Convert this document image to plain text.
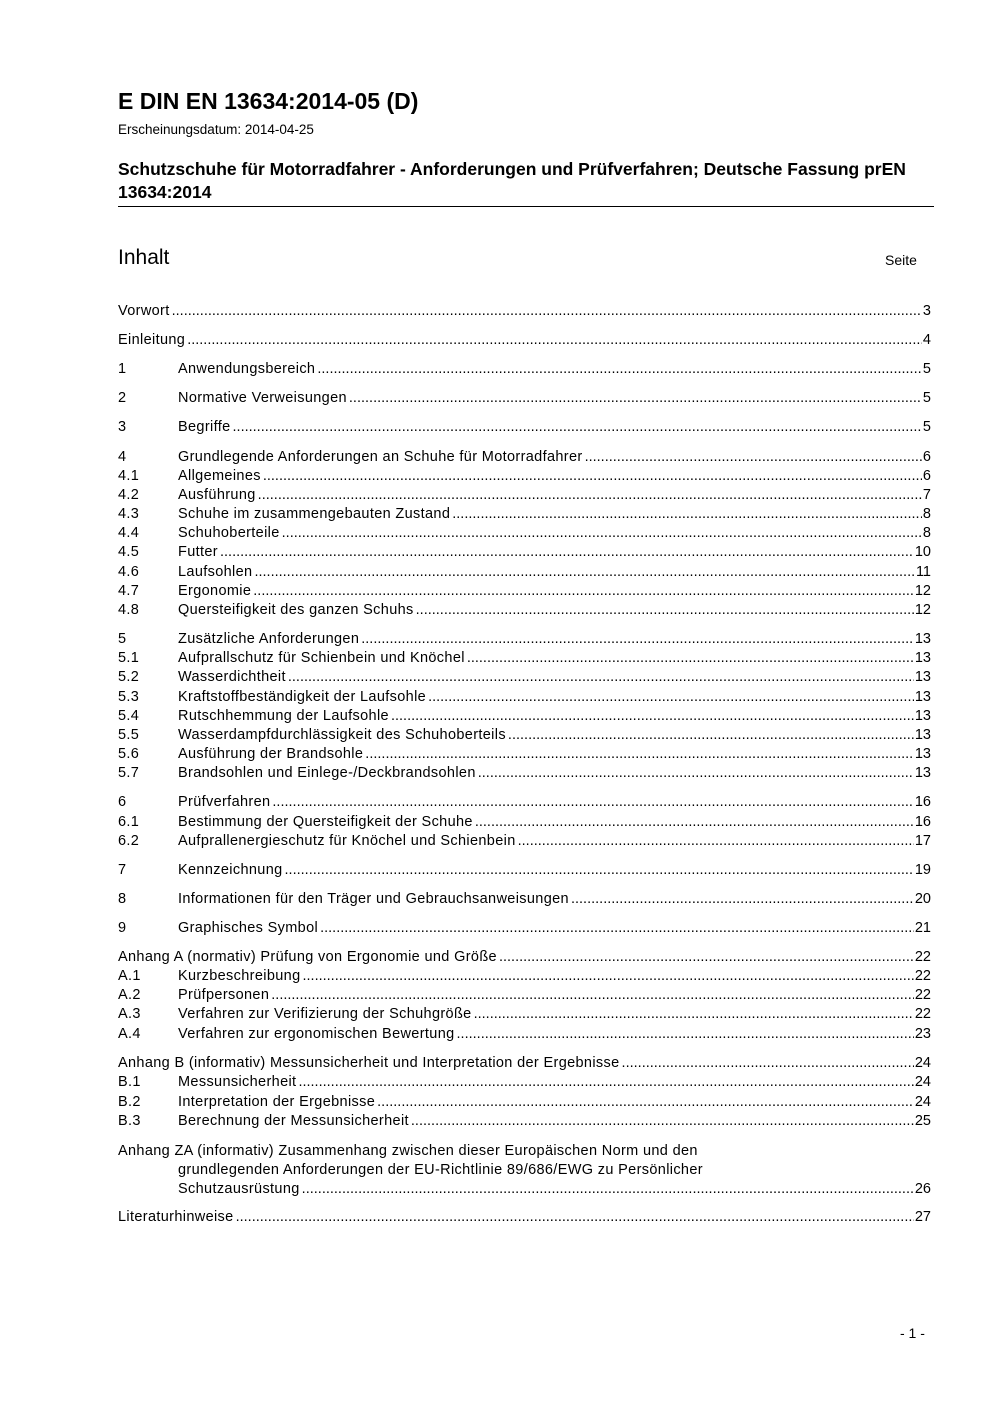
E DIN EN 13634:2014-05 (D)
Erscheinungsdatum: 2014-04-25
Schutzschuhe für Motorradfahrer - Anforderungen und Prüfverfahren; Deutsche Fassung prEN 13634:2014
Inhalt	Seite
Vorwort .....	3
Einleitung .....	4
1	Anwendungsbereich .....	5
2	Normative Verweisungen .....	5
3	Begriffe .....	5
4	Grundlegende Anforderungen an Schuhe für Motorradfahrer .....	6
4.1	Allgemeines .....	6
4.2	Ausführung .....	7
4.3	Schuhe im zusammengebauten Zustand .....	8
4.4	Schuhoberteile .....	8
4.5	Futter .....	10
4.6	Laufsohlen .....	11
4.7	Ergonomie .....	12
4.8	Quersteifigkeit des ganzen Schuhs .....	12
5	Zusätzliche Anforderungen .....	13
5.1	Aufprallschutz für Schienbein und Knöchel .....	13
5.2	Wasserdichtheit .....	13
5.3	Kraftstoffbeständigkeit der Laufsohle .....	13
5.4	Rutschhemmung der Laufsohle .....	13
5.5	Wasserdampfdurchlässigkeit des Schuhoberteils .....	13
5.6	Ausführung der Brandsohle .....	13
5.7	Brandsohlen und Einlege-/Deckbrandsohlen .....	13
6	Prüfverfahren .....	16
6.1	Bestimmung der Quersteifigkeit der Schuhe .....	16
6.2	Aufprallenergieschutz für Knöchel und Schienbein .....	17
7	Kennzeichnung .....	19
8	Informationen für den Träger und Gebrauchsanweisungen .....	20
9	Graphisches Symbol .....	21
Anhang A (normativ) Prüfung von Ergonomie und Größe .....	22
A.1	Kurzbeschreibung .....	22
A.2	Prüfpersonen .....	22
A.3	Verfahren zur Verifizierung der Schuhgröße .....	22
A.4	Verfahren zur ergonomischen Bewertung .....	23
Anhang B (informativ) Messunsicherheit und Interpretation der Ergebnisse .....	24
B.1	Messunsicherheit .....	24
B.2	Interpretation der Ergebnisse .....	24
B.3	Berechnung der Messunsicherheit .....	25
Anhang ZA (informativ) Zusammenhang zwischen dieser Europäischen Norm und den
grundlegenden Anforderungen der EU-Richtlinie 89/686/EWG zu Persönlicher
Schutzausrüstung .....	26
Literaturhinweise .....	27
- 1 -
